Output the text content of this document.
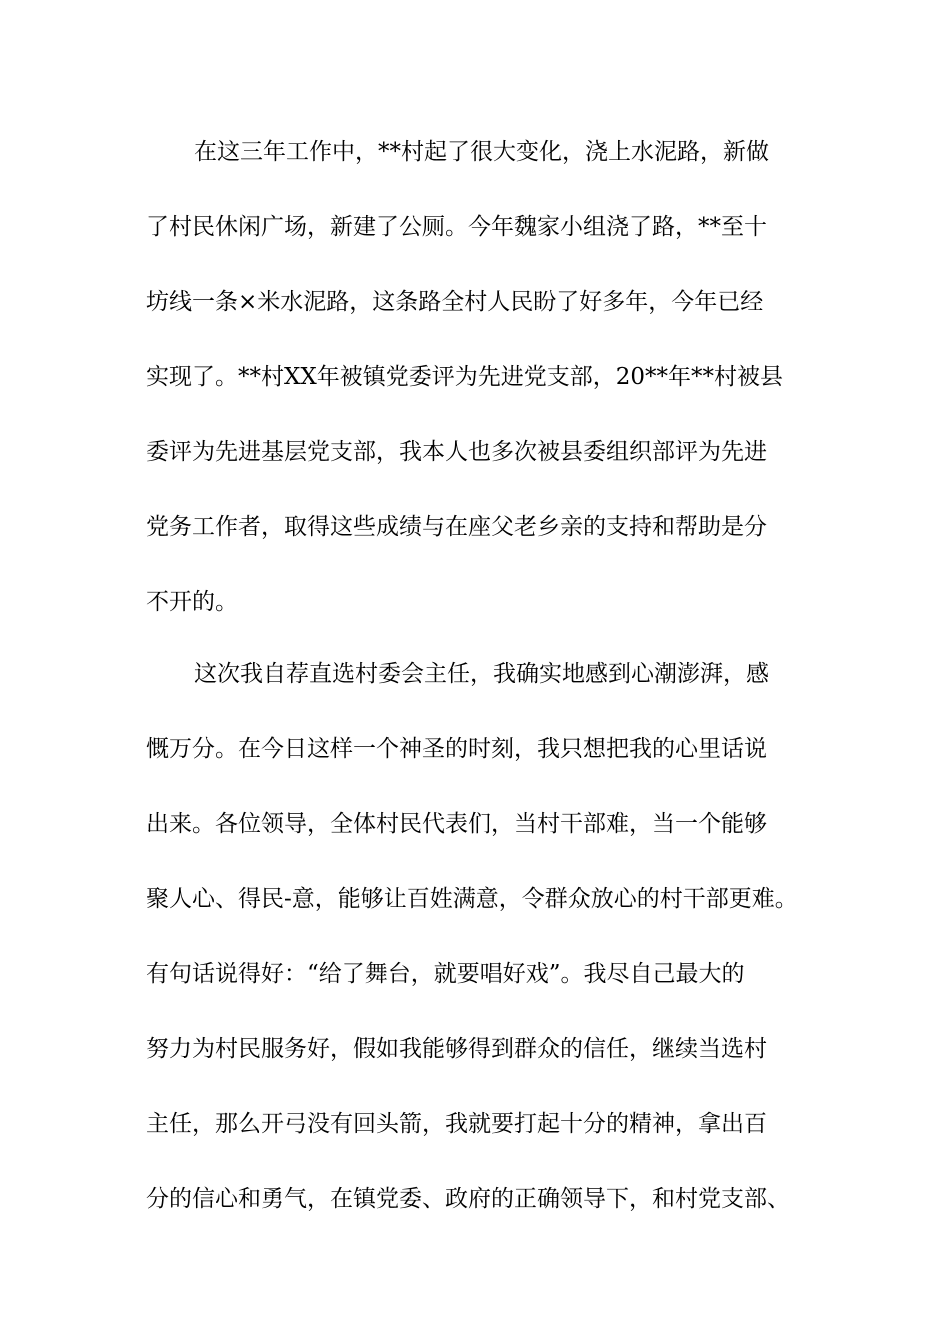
在这三年工作中，**村起了很大变化，浇上水泥路，新做
了村民休闲广场，新建了公厕。今年魏家小组浇了路，**至十
坊线一条×米水泥路，这条路全村人民盼了好多年，今年已经
实现了。**村XX年被镇党委评为先进党支部，20**年**村被县
委评为先进基层党支部，我本人也多次被县委组织部评为先进
党务工作者，取得这些成绩与在座父老乡亲的支持和帮助是分
不开的。
这次我自荐直选村委会主任，我确实地感到心潮澎湃，感
慨万分。在今日这样一个神圣的时刻，我只想把我的心里话说
出来。各位领导，全体村民代表们，当村干部难，当一个能够
聚人心、得民-意，能够让百姓满意，令群众放心的村干部更难。
有句话说得好：“给了舞台，就要唱好戏”。我尽自己最大的
努力为村民服务好，假如我能够得到群众的信任，继续当选村
主任，那么开弓没有回头箭，我就要打起十分的精神，拿出百
分的信心和勇气，在镇党委、政府的正确领导下，和村党支部、
